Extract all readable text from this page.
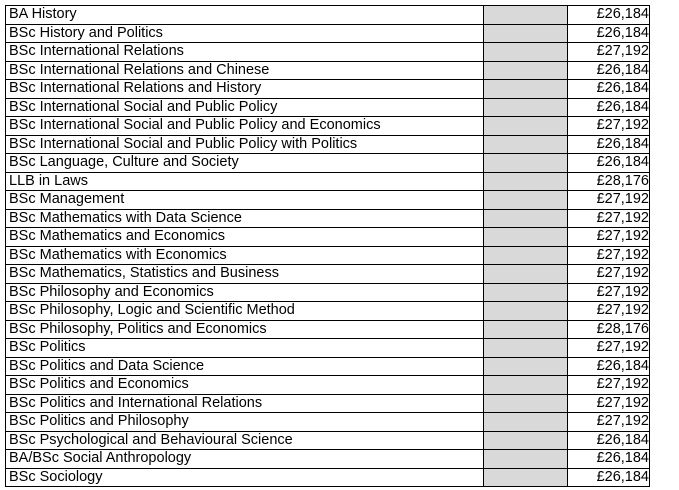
BA History		£26,184
BSc History and Politics		£26,184
BSc International Relations		£27,192
BSc International Relations and Chinese		£26,184
BSc International Relations and History		£26,184
BSc International Social and Public Policy		£26,184
BSc International Social and Public Policy and Economics		£27,192
BSc International Social and Public Policy with Politics		£26,184
BSc Language, Culture and Society		£26,184
LLB in Laws		£28,176
BSc Management		£27,192
BSc Mathematics with Data Science		£27,192
BSc Mathematics and Economics		£27,192
BSc Mathematics with Economics		£27,192
BSc Mathematics, Statistics and Business		£27,192
BSc Philosophy and Economics		£27,192
BSc Philosophy, Logic and Scientific Method		£27,192
BSc Philosophy, Politics and Economics		£28,176
BSc Politics		£27,192
BSc Politics and Data Science		£26,184
BSc Politics and Economics		£27,192
BSc Politics and International Relations		£27,192
BSc Politics and Philosophy		£27,192
BSc Psychological and Behavioural Science		£26,184
BA/BSc Social Anthropology		£26,184
BSc Sociology		£26,184
